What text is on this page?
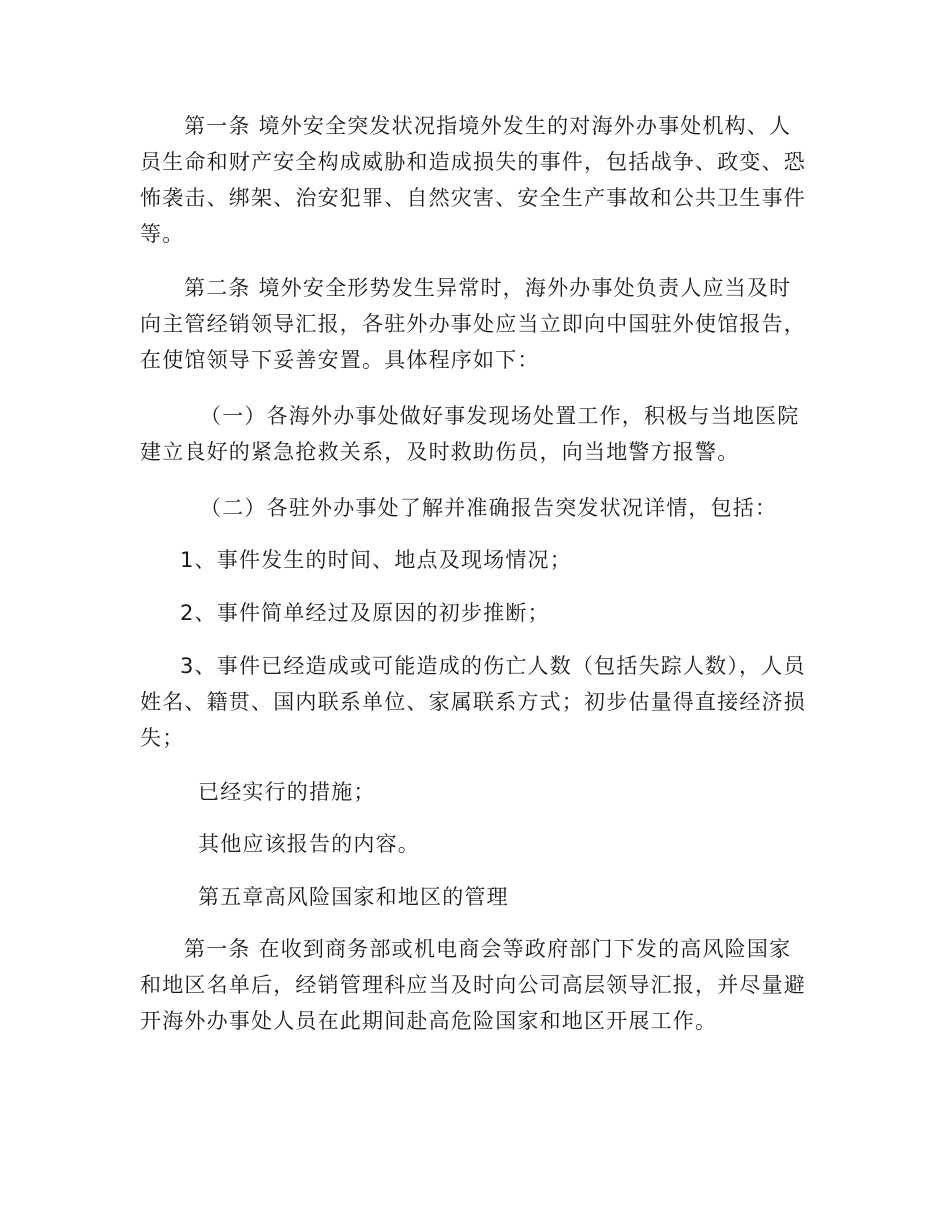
第一条 境外安全突发状况指境外发生的对海外办事处机构、人员生命和财产安全构成威胁和造成损失的事件，包括战争、政变、恐怖袭击、绑架、治安犯罪、自然灾害、安全生产事故和公共卫生事件等。

第二条 境外安全形势发生异常时，海外办事处负责人应当及时向主管经销领导汇报，各驻外办事处应当立即向中国驻外使馆报告，在使馆领导下妥善安置。具体程序如下：

（一）各海外办事处做好事发现场处置工作，积极与当地医院建立良好的紧急抢救关系，及时救助伤员，向当地警方报警。

（二）各驻外办事处了解并准确报告突发状况详情，包括：

1、事件发生的时间、地点及现场情况；

2、事件简单经过及原因的初步推断；

3、事件已经造成或可能造成的伤亡人数（包括失踪人数），人员姓名、籍贯、国内联系单位、家属联系方式；初步估量得直接经济损失；

已经实行的措施；

其他应该报告的内容。

第五章高风险国家和地区的管理

第一条 在收到商务部或机电商会等政府部门下发的高风险国家和地区名单后，经销管理科应当及时向公司高层领导汇报，并尽量避开海外办事处人员在此期间赴高危险国家和地区开展工作。
